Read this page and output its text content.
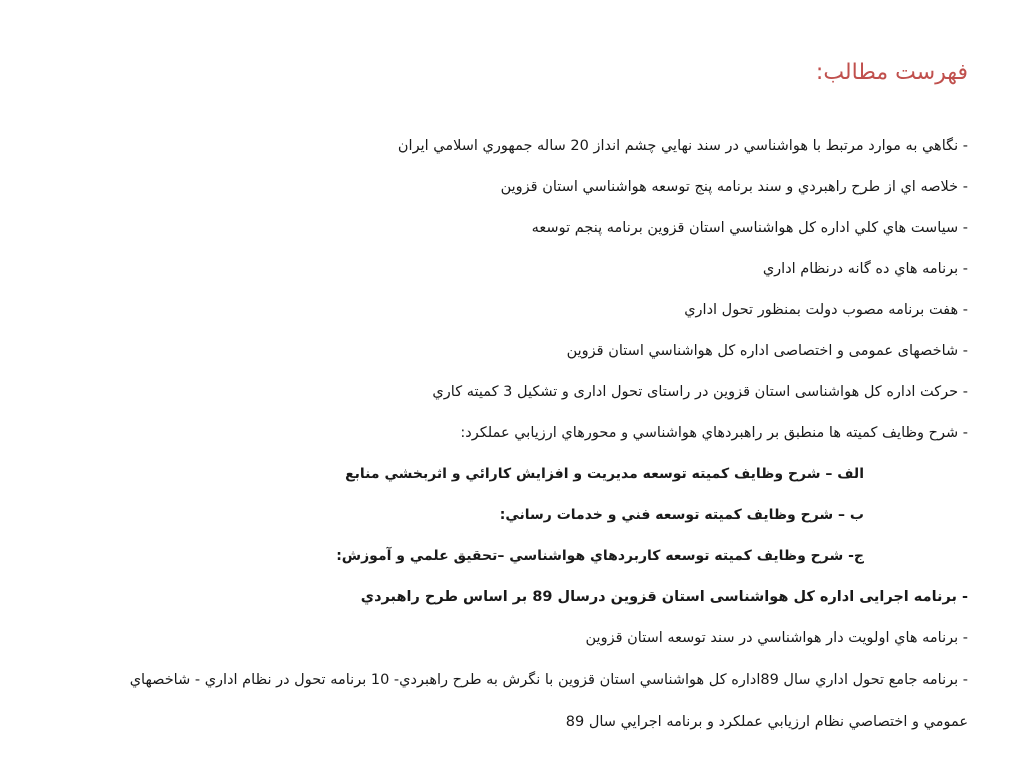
فهرست مطالب:
- نگاهي به موارد مرتبط با هواشناسي در سند نهايي چشم انداز 20 ساله جمهوري اسلامي ايران
- خلاصه اي از طرح راهبردي و سند برنامه پنج توسعه هواشناسي استان قزوين
- سياست هاي كلي اداره كل هواشناسي استان قزوين برنامه پنجم توسعه
- برنامه هاي ده گانه درنظام اداري
- هفت برنامه مصوب دولت بمنظور تحول اداري
- شاخصهای عمومی و اختصاصی اداره کل هواشناسي استان قزوين
- حرکت اداره کل هواشناسی استان قزوین در راستای تحول اداری و تشکیل 3 کمیته كاري
- شرح وظایف کمیته ها منطبق بر راهبردهاي هواشناسي و محورهاي ارزيابي عملكرد:
الف – شرح وظايف كميته توسعه مديريت و افزايش كارائي و اثربخشي منابع
ب – شرح وظايف كميته توسعه فني و خدمات رساني:
ج- شرح وظايف كميته توسعه كاربردهاي هواشناسي –تحقيق علمي و آموزش:
- برنامه اجرایی اداره كل هواشناسی استان قزوین درسال 89 بر اساس طرح راهبردي
- برنامه هاي اولويت دار هواشناسي در سند توسعه استان قزوين
- برنامه جامع تحول اداري سال 89اداره كل هواشناسي استان قزوين با نگرش به طرح راهبردي- 10 برنامه تحول در نظام اداري - شاخصهاي عمومي و اختصاصي نظام ارزيابي عملكرد و برنامه اجرايي سال 89
